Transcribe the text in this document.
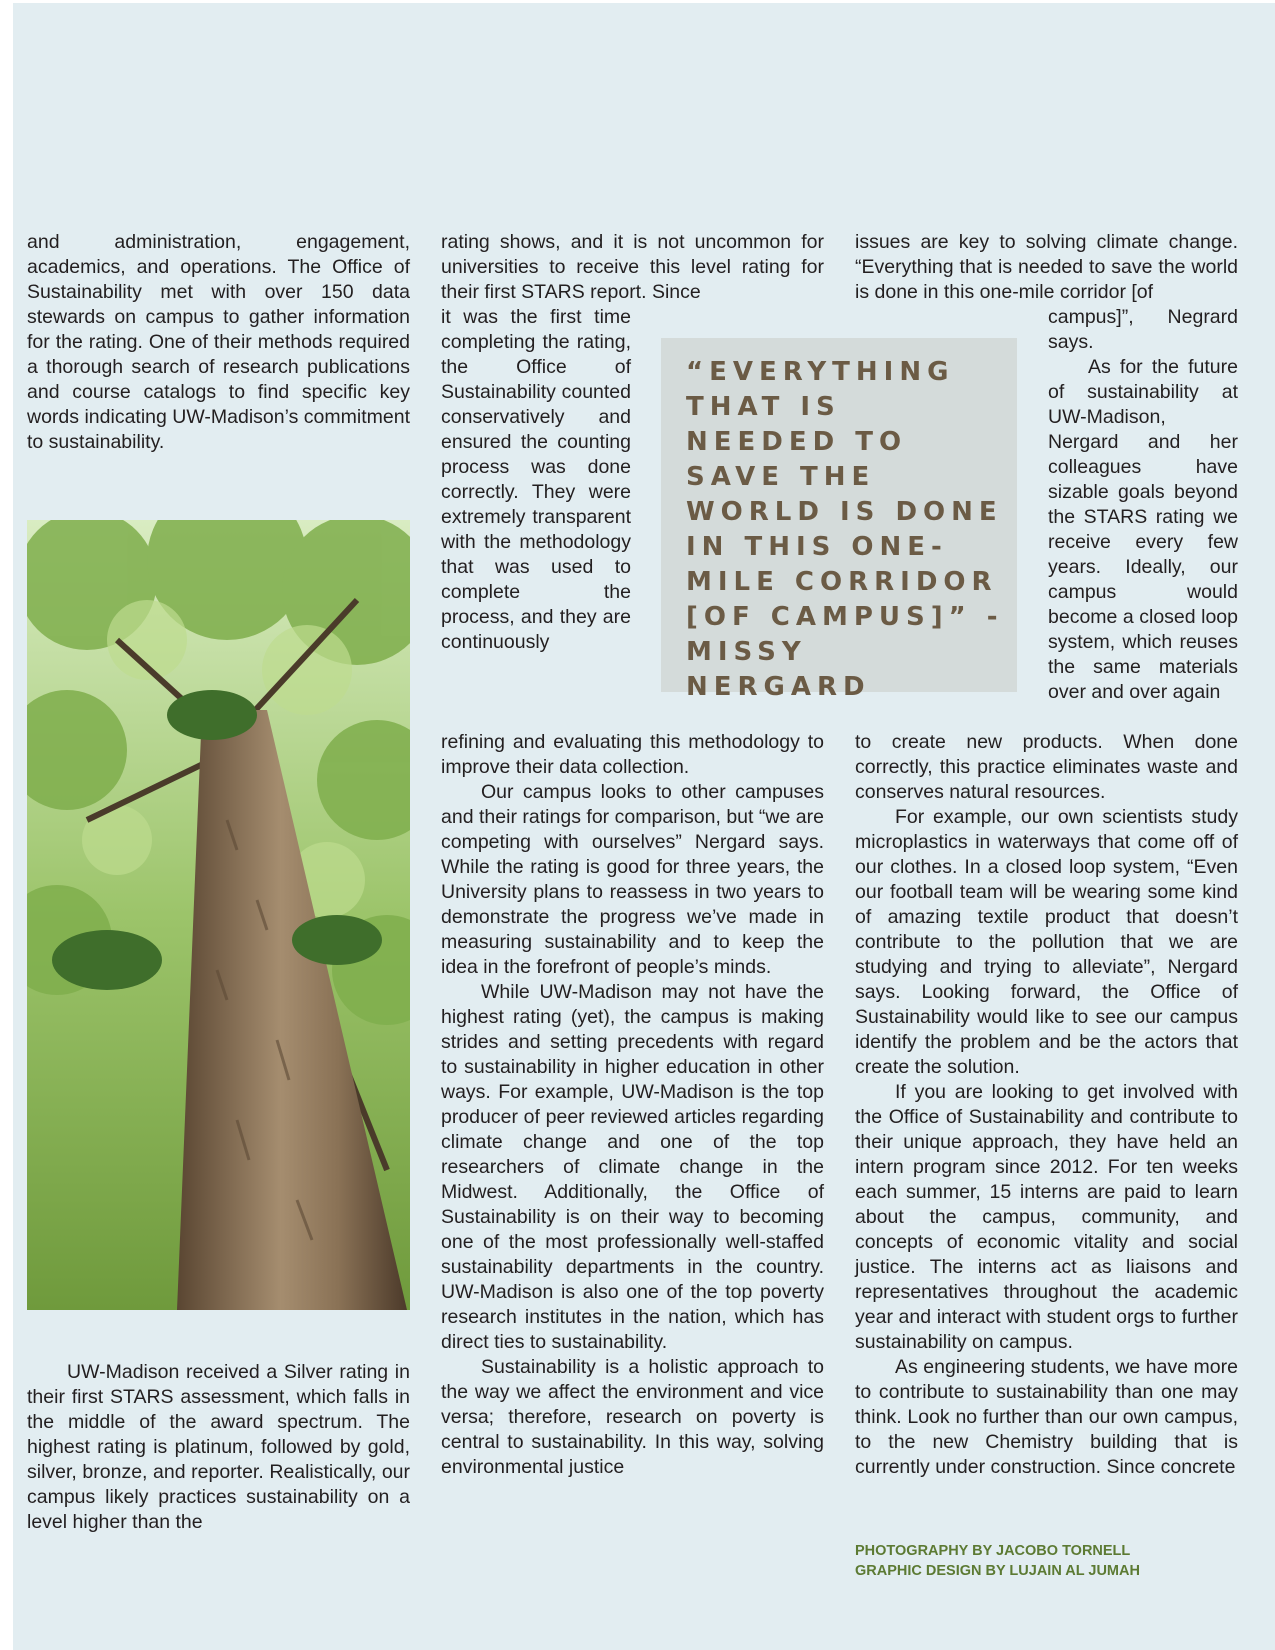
and administration, engagement, academics, and operations. The Office of Sustainability met with over 150 data stewards on campus to gather information for the rating. One of their methods required a thorough search of research publications and course catalogs to find specific key words indicating UW-Madison’s commitment to sustainability.

UW-Madison received a Silver rating in their first STARS assessment, which falls in the middle of the award spectrum. The highest rating is platinum, followed by gold, silver, bronze, and reporter. Realistically, our campus likely practices sustainability on a level higher than the

rating shows, and it is not uncommon for universities to receive this level rating for their first STARS report. Since

it was the first time completing the rating, the Office of Sustainability counted conservatively and ensured the counting process was done correctly. They were extremely transparent with the methodology that was used to complete the process, and they are continuously

refining and evaluating this methodology to improve their data collection.

Our campus looks to other campuses and their ratings for comparison, but “we are competing with ourselves” Nergard says. While the rating is good for three years, the University plans to reassess in two years to demonstrate the progress we’ve made in measuring sustainability and to keep the idea in the forefront of people’s minds.

While UW-Madison may not have the highest rating (yet), the campus is making strides and setting precedents with regard to sustainability in higher education in other ways. For example, UW-Madison is the top producer of peer reviewed articles regarding climate change and one of the top researchers of climate change in the Midwest. Additionally, the Office of Sustainability is on their way to becoming one of the most professionally well-staffed sustainability departments in the country. UW-Madison is also one of the top poverty research institutes in the nation, which has direct ties to sustainability.

Sustainability is a holistic approach to the way we affect the environment and vice versa; therefore, research on poverty is central to sustainability. In this way, solving environmental justice

“EVERYTHING THAT IS NEEDED TO SAVE THE WORLD IS DONE IN THIS ONE-MILE CORRIDOR [OF CAMPUS]” -MISSY NERGARD

issues are key to solving climate change. “Everything that is needed to save the world is done in this one-mile corridor [of

campus]”, Negrard says.

As for the future of sustainability at UW-Madison, Nergard and her colleagues have sizable goals beyond the STARS rating we receive every few years. Ideally, our campus would become a closed loop system, which reuses the same materials over and over again

to create new products. When done correctly, this practice eliminates waste and conserves natural resources.

For example, our own scientists study microplastics in waterways that come off of our clothes. In a closed loop system, “Even our football team will be wearing some kind of amazing textile product that doesn’t contribute to the pollution that we are studying and trying to alleviate”, Nergard says. Looking forward, the Office of Sustainability would like to see our campus identify the problem and be the actors that create the solution.

If you are looking to get involved with the Office of Sustainability and contribute to their unique approach, they have held an intern program since 2012. For ten weeks each summer, 15 interns are paid to learn about the campus, community, and concepts of economic vitality and social justice. The interns act as liaisons and representatives throughout the academic year and interact with student orgs to further sustainability on campus.

As engineering students, we have more to contribute to sustainability than one may think. Look no further than our own campus, to the new Chemistry building that is currently under construction. Since concrete

PHOTOGRAPHY BY JACOBO TORNELL

GRAPHIC DESIGN BY LUJAIN AL JUMAH
